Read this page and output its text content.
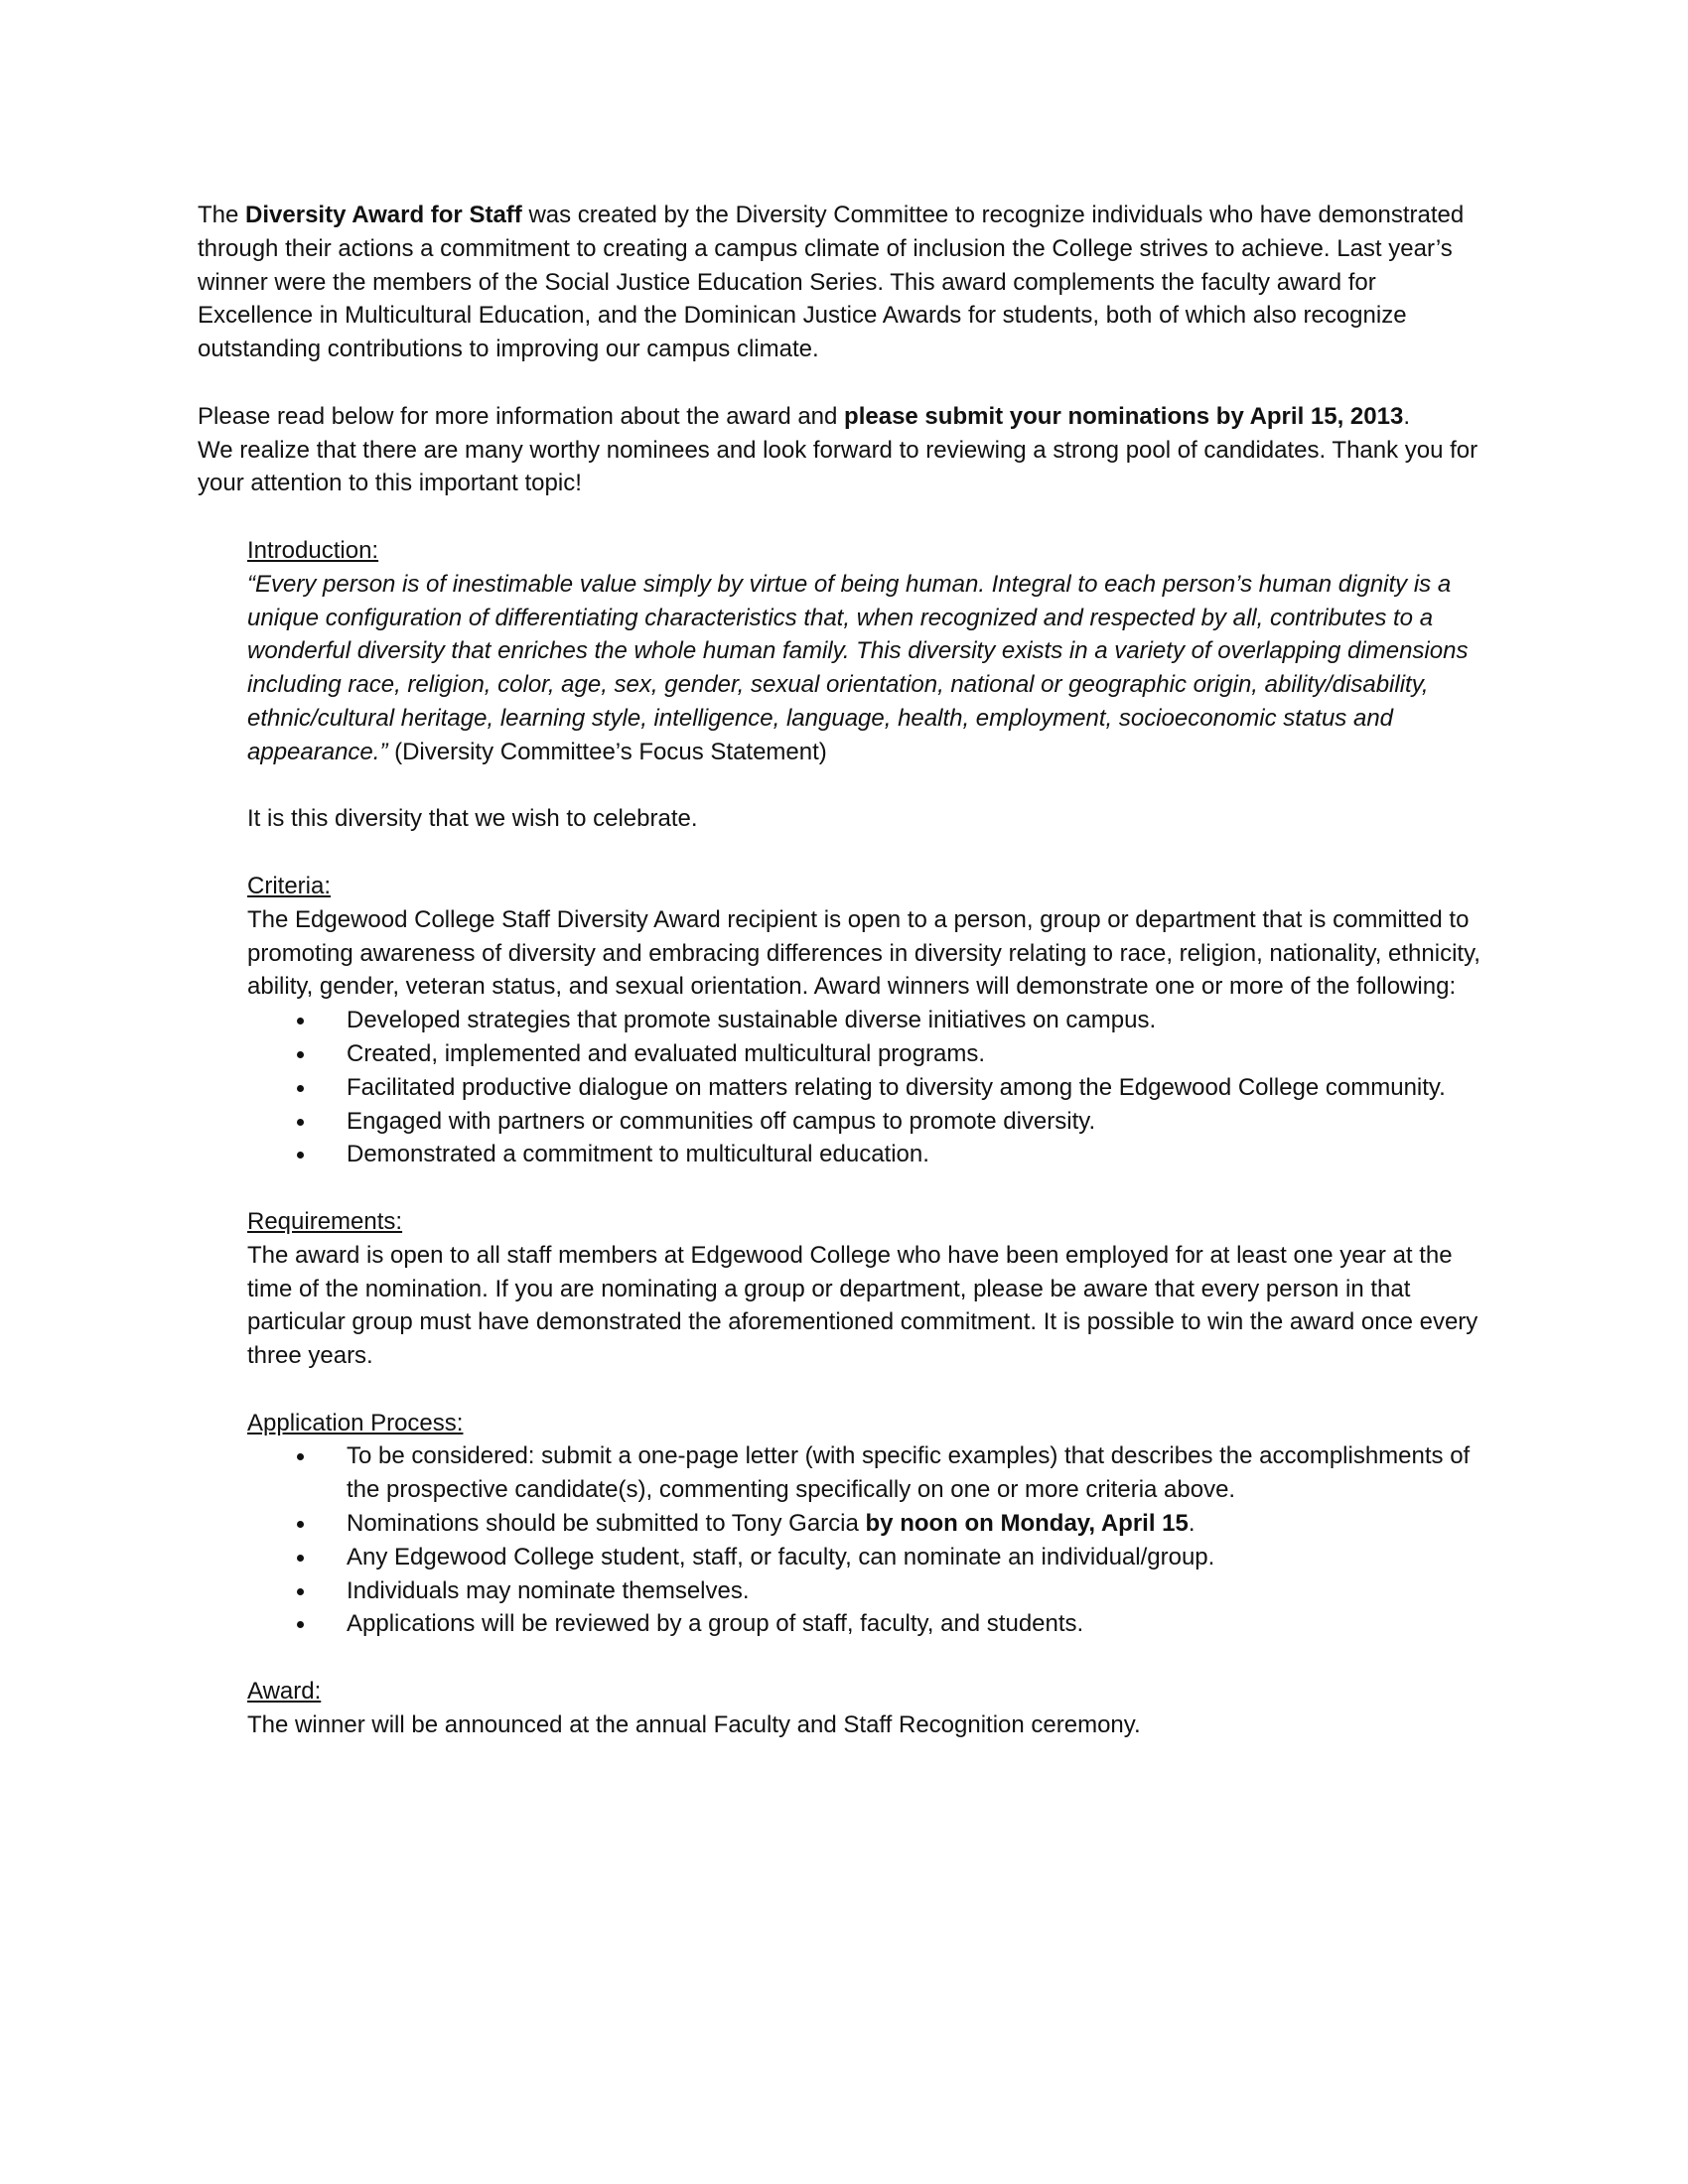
The Diversity Award for Staff was created by the Diversity Committee to recognize individuals who have demonstrated through their actions a commitment to creating a campus climate of inclusion the College strives to achieve. Last year’s winner were the members of the Social Justice Education Series. This award complements the faculty award for Excellence in Multicultural Education, and the Dominican Justice Awards for students, both of which also recognize outstanding contributions to improving our campus climate.

Please read below for more information about the award and please submit your nominations by April 15, 2013.
We realize that there are many worthy nominees and look forward to reviewing a strong pool of candidates. Thank you for your attention to this important topic!

Introduction:

“Every person is of inestimable value simply by virtue of being human. Integral to each person’s human dignity is a unique configuration of differentiating characteristics that, when recognized and respected by all, contributes to a wonderful diversity that enriches the whole human family. This diversity exists in a variety of overlapping dimensions including race, religion, color, age, sex, gender, sexual orientation, national or geographic origin, ability/disability, ethnic/cultural heritage, learning style, intelligence, language, health, employment, socioeconomic status and appearance.” (Diversity Committee’s Focus Statement)

It is this diversity that we wish to celebrate.

Criteria:

The Edgewood College Staff Diversity Award recipient is open to a person, group or department that is committed to promoting awareness of diversity and embracing differences in diversity relating to race, religion, nationality, ethnicity, ability, gender, veteran status, and sexual orientation. Award winners will demonstrate one or more of the following:

Developed strategies that promote sustainable diverse initiatives on campus.
Created, implemented and evaluated multicultural programs.
Facilitated productive dialogue on matters relating to diversity among the Edgewood College community.
Engaged with partners or communities off campus to promote diversity.
Demonstrated a commitment to multicultural education.

Requirements:

The award is open to all staff members at Edgewood College who have been employed for at least one year at the time of the nomination. If you are nominating a group or department, please be aware that every person in that particular group must have demonstrated the aforementioned commitment. It is possible to win the award once every three years.

Application Process:

To be considered: submit a one-page letter (with specific examples) that describes the accomplishments of the prospective candidate(s), commenting specifically on one or more criteria above.
Nominations should be submitted to Tony Garcia by noon on Monday, April 15.
Any Edgewood College student, staff, or faculty, can nominate an individual/group.
Individuals may nominate themselves.
Applications will be reviewed by a group of staff, faculty, and students.

Award:

The winner will be announced at the annual Faculty and Staff Recognition ceremony.
